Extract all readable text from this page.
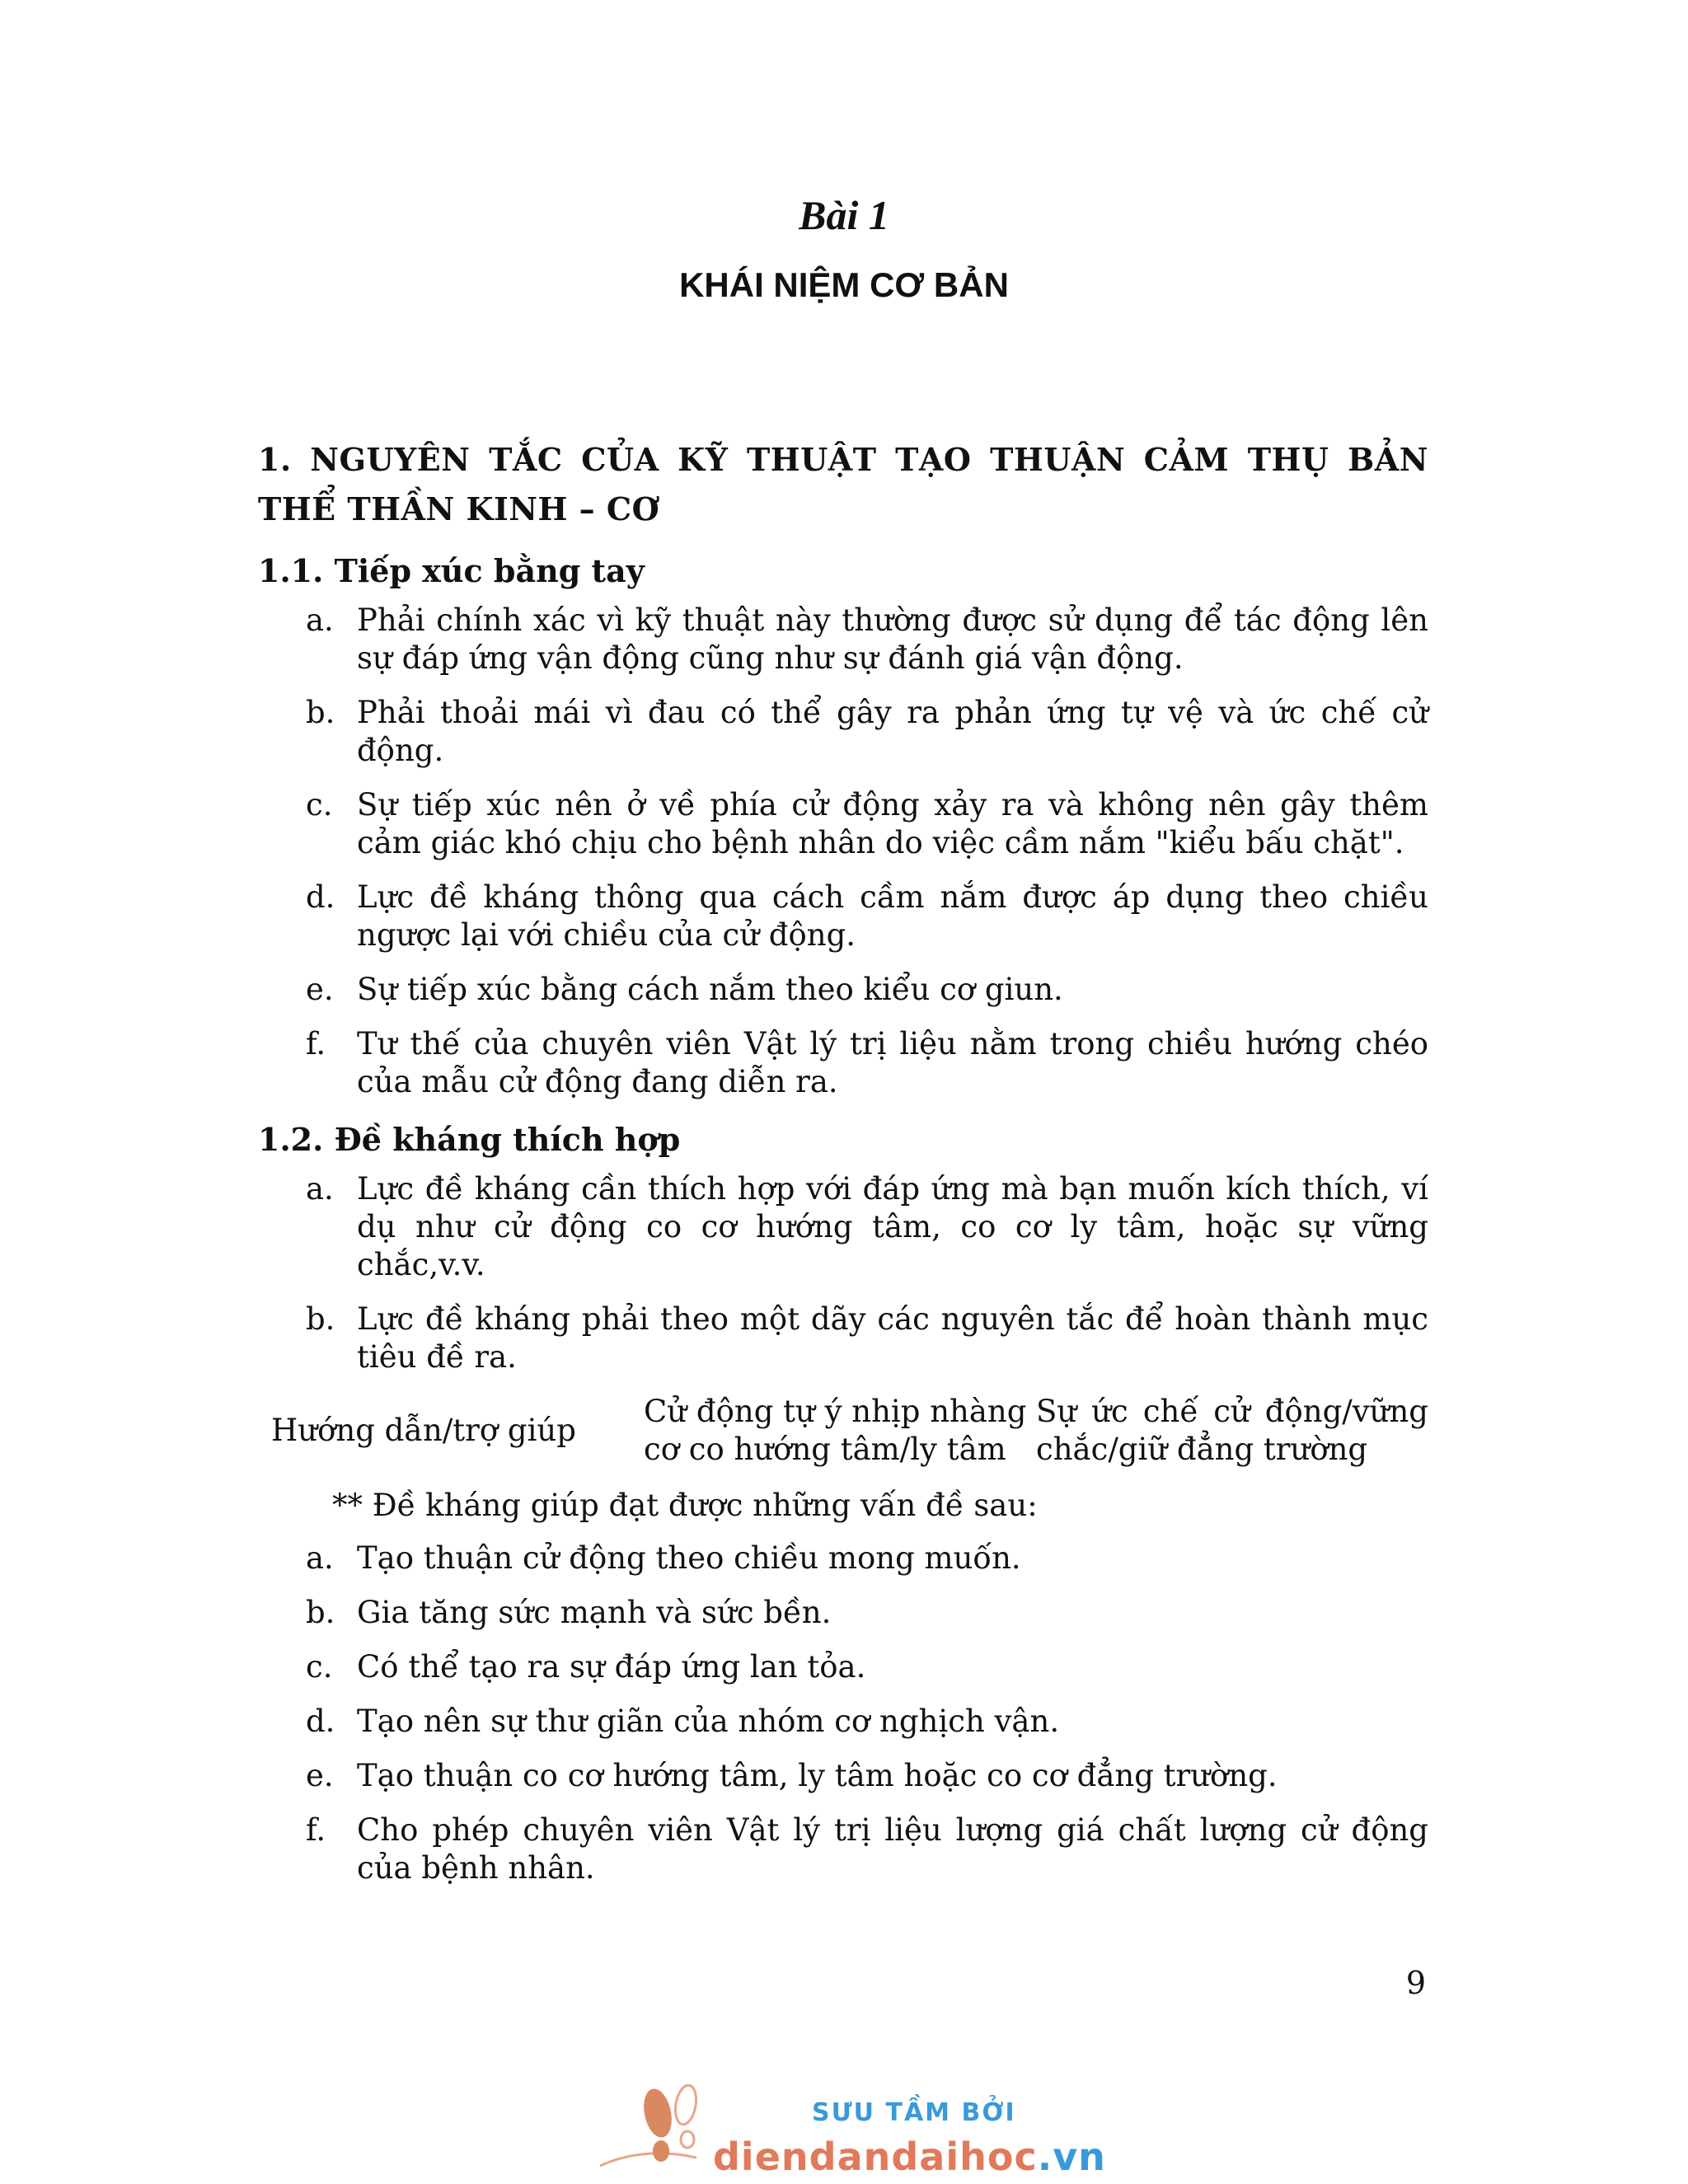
Bài 1
KHÁI NIỆM CƠ BẢN
1. NGUYÊN TẮC CỦA KỸ THUẬT TẠO THUẬN CẢM THỤ BẢN THỂ THẦN KINH – CƠ
1.1. Tiếp xúc bằng tay
a. Phải chính xác vì kỹ thuật này thường được sử dụng để tác động lên sự đáp ứng vận động cũng như sự đánh giá vận động.
b. Phải thoải mái vì đau có thể gây ra phản ứng tự vệ và ức chế cử động.
c. Sự tiếp xúc nên ở về phía cử động xảy ra và không nên gây thêm cảm giác khó chịu cho bệnh nhân do việc cầm nắm "kiểu bấu chặt".
d. Lực đề kháng thông qua cách cầm nắm được áp dụng theo chiều ngược lại với chiều của cử động.
e. Sự tiếp xúc bằng cách nắm theo kiểu cơ giun.
f. Tư thế của chuyên viên Vật lý trị liệu nằm trong chiều hướng chéo của mẫu cử động đang diễn ra.
1.2. Đề kháng thích hợp
a. Lực đề kháng cần thích hợp với đáp ứng mà bạn muốn kích thích, ví dụ như cử động co cơ hướng tâm, co cơ ly tâm, hoặc sự vững chắc,v.v.
b. Lực đề kháng phải theo một dãy các nguyên tắc để hoàn thành mục tiêu đề ra.
Hướng dẫn/trợ giúp
Cử động tự ý nhịp nhàng cơ co hướng tâm/ly tâm
Sự ức chế cử động/vững chắc/giữ đẳng trường
** Đề kháng giúp đạt được những vấn đề sau:
a. Tạo thuận cử động theo chiều mong muốn.
b. Gia tăng sức mạnh và sức bền.
c. Có thể tạo ra sự đáp ứng lan tỏa.
d. Tạo nên sự thư giãn của nhóm cơ nghịch vận.
e. Tạo thuận co cơ hướng tâm, ly tâm hoặc co cơ đẳng trường.
f. Cho phép chuyên viên Vật lý trị liệu lượng giá chất lượng cử động của bệnh nhân.
9
SƯU TẦM BỞI
diendandaihoc.vn
